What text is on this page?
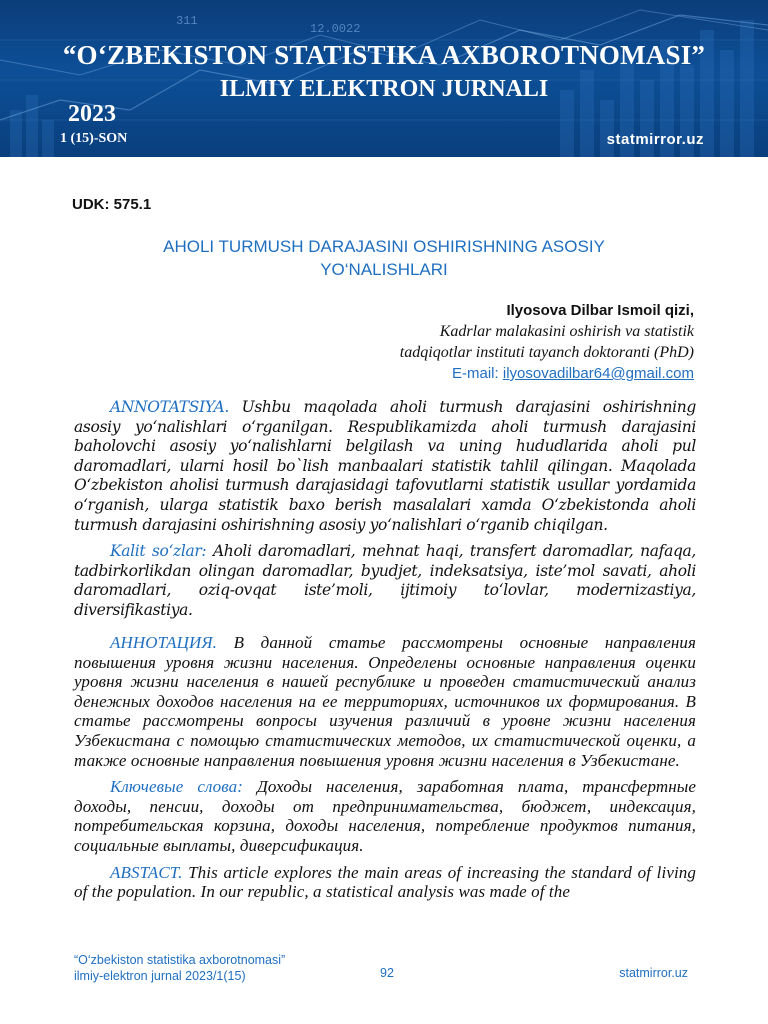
311
12.0022
“O‘ZBEKISTON STATISTIKA AXBOROTNOMASI”
ILMIY ELEKTRON JURNALI
2023
1 (15)-SON	statmirror.uz
UDK: 575.1
AHOLI TURMUSH DARAJASINI OSHIRISHNING ASOSIY
YO‘NALISHLARI
Ilyosova Dilbar Ismoil qizi,
Kadrlar malakasini oshirish va statistik
tadqiqotlar instituti tayanch doktoranti (PhD)
E-mail: ilyosovadilbar64@gmail.com

ANNOTATSIYA. Ushbu maqolada aholi turmush darajasini oshirishning asosiy yo‘nalishlari o‘rganilgan. Respublikamizda aholi turmush darajasini baholovchi asosiy yo‘nalishlarni belgilash va uning hududlarida aholi pul daromadlari, ularni hosil bo`lish manbaalari statistik tahlil qilingan. Maqolada O‘zbekiston aholisi turmush darajasidagi tafovutlarni statistik usullar yordamida o‘rganish, ularga statistik baxo berish masalalari xamda O‘zbekistonda aholi turmush darajasini oshirishning asosiy yo‘nalishlari o‘rganib chiqilgan.

Kalit so‘zlar: Aholi daromadlari, mehnat haqi, transfert daromadlar, nafaqa, tadbirkorlikdan olingan daromadlar, byudjet, indeksatsiya, iste’mol savati, aholi daromadlari, oziq-ovqat iste’moli, ijtimoiy to‘lovlar, modernizastiya, diversifikastiya.

АННОТАЦИЯ. В данной статье рассмотрены основные направления повышения уровня жизни населения. Определены основные направления оценки уровня жизни населения в нашей республике и проведен статистический анализ денежных доходов населения на ее территориях, источников их формирования. В статье рассмотрены вопросы изучения различий в уровне жизни населения Узбекистана с помощью статистических методов, их статистической оценки, а также основные направления повышения уровня жизни населения в Узбекистане.

Ключевые слова: Доходы населения, заработная плата, трансфертные доходы, пенсии, доходы от предпринимательства, бюджет, индексация, потребительская корзина, доходы населения, потребление продуктов питания, социальные выплаты, диверсификация.

ABSTACT. This article explores the main areas of increasing the standard of living of the population. In our republic, a statistical analysis was made of the

“O‘zbekiston statistika axborotnomasi”
ilmiy-elektron jurnal 2023/1(15)	92	statmirror.uz
